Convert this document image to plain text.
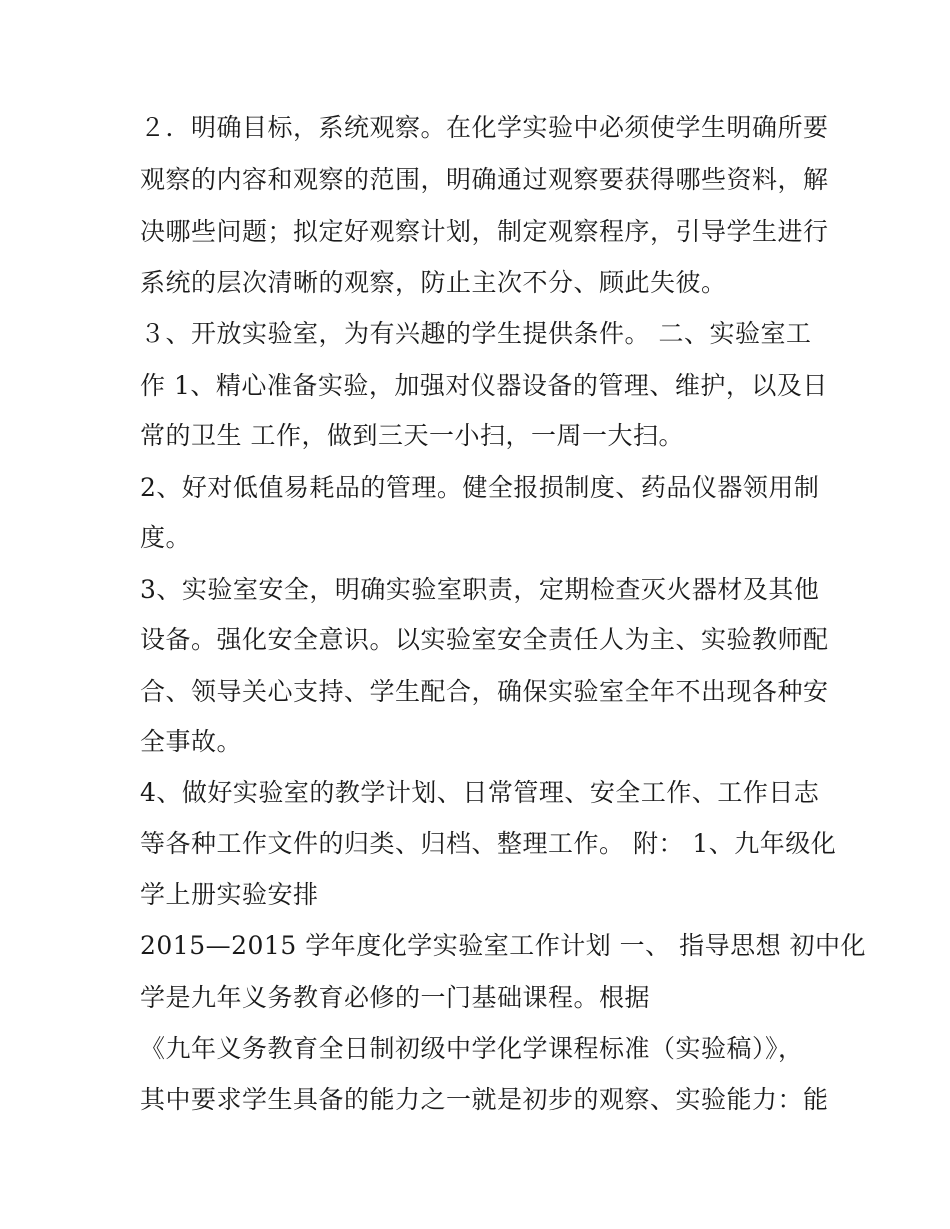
２．明确目标，系统观察。在化学实验中必须使学生明确所要
观察的内容和观察的范围，明确通过观察要获得哪些资料，解
决哪些问题；拟定好观察计划，制定观察程序，引导学生进行
系统的层次清晰的观察，防止主次不分、顾此失彼。
３、开放实验室，为有兴趣的学生提供条件。 二、实验室工
作 1、精心准备实验，加强对仪器设备的管理、维护，以及日
常的卫生 工作，做到三天一小扫，一周一大扫。
2、好对低值易耗品的管理。健全报损制度、药品仪器领用制
度。
3、实验室安全，明确实验室职责，定期检查灭火器材及其他
设备。强化安全意识。以实验室安全责任人为主、实验教师配
合、领导关心支持、学生配合，确保实验室全年不出现各种安
全事故。
4、做好实验室的教学计划、日常管理、安全工作、工作日志
等各种工作文件的归类、归档、整理工作。 附： 1、九年级化
学上册实验安排
2015—2015 学年度化学实验室工作计划 一、 指导思想 初中化
学是九年义务教育必修的一门基础课程。根据
《九年义务教育全日制初级中学化学课程标准（实验稿）》，
其中要求学生具备的能力之一就是初步的观察、实验能力：能
